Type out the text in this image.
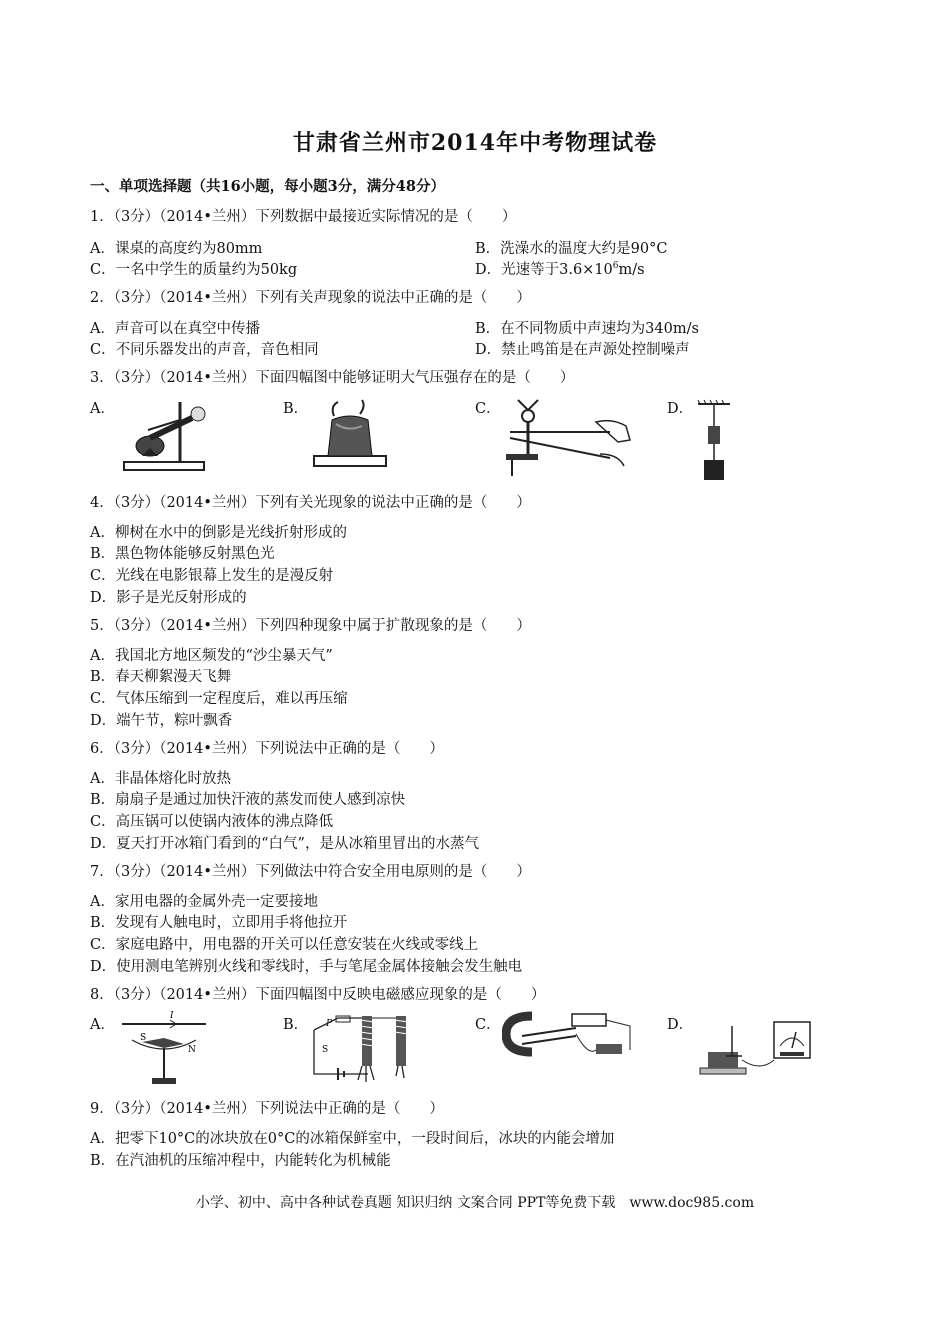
甘肃省兰州市2014年中考物理试卷
一、单项选择题（共16小题，每小题3分，满分48分）
1．（3分）（2014•兰州）下列数据中最接近实际情况的是（　　）
A．课桌的高度约为80mm	B．洗澡水的温度大约是90°C
C．一名中学生的质量约为50kg	D．光速等于$3.6\times 10^6m/s$
2．（3分）（2014•兰州）下列有关声现象的说法中正确的是（　　）
A．声音可以在真空中传播	B．在不同物质中声速均为340m/s
C．不同乐器发出的声音，音色相同	D．禁止鸣笛是在声源处控制噪声
3．（3分）（2014•兰州）下面四幅图中能够证明大气压强存在的是（　　）
A．	B．	C．	D．
4．（3分）（2014•兰州）下列有关光现象的说法中正确的是（　　）
A．柳树在水中的倒影是光线折射形成的
B．黑色物体能够反射黑色光
C．光线在电影银幕上发生的是漫反射
D．影子是光反射形成的
5．（3分）（2014•兰州）下列四种现象中属于扩散现象的是（　　）
A．我国北方地区频发的“沙尘暴天气”
B．春天柳絮漫天飞舞
C．气体压缩到一定程度后，难以再压缩
D．端午节，粽叶飘香
6．（3分）（2014•兰州）下列说法中正确的是（　　）
A．非晶体熔化时放热
B．扇扇子是通过加快汗液的蒸发而使人感到凉快
C．高压锅可以使锅内液体的沸点降低
D．夏天打开冰箱门看到的“白气”，是从冰箱里冒出的水蒸气
7．（3分）（2014•兰州）下列做法中符合安全用电原则的是（　　）
A．家用电器的金属外壳一定要接地
B．发现有人触电时，立即用手将他拉开
C．家庭电路中，用电器的开关可以任意安装在火线或零线上
D．使用测电笔辨别火线和零线时，手与笔尾金属体接触会发生触电
8．（3分）（2014•兰州）下面四幅图中反映电磁感应现象的是（　　）
A．	B．	C．	D．
I
S
N
P
S
9．（3分）（2014•兰州）下列说法中正确的是（　　）
A．把零下10°C的冰块放在0°C的冰箱保鲜室中，一段时间后，冰块的内能会增加
B．在汽油机的压缩冲程中，内能转化为机械能
小学、初中、高中各种试卷真题 知识归纳 文案合同 PPT等免费下载　www.doc985.com
